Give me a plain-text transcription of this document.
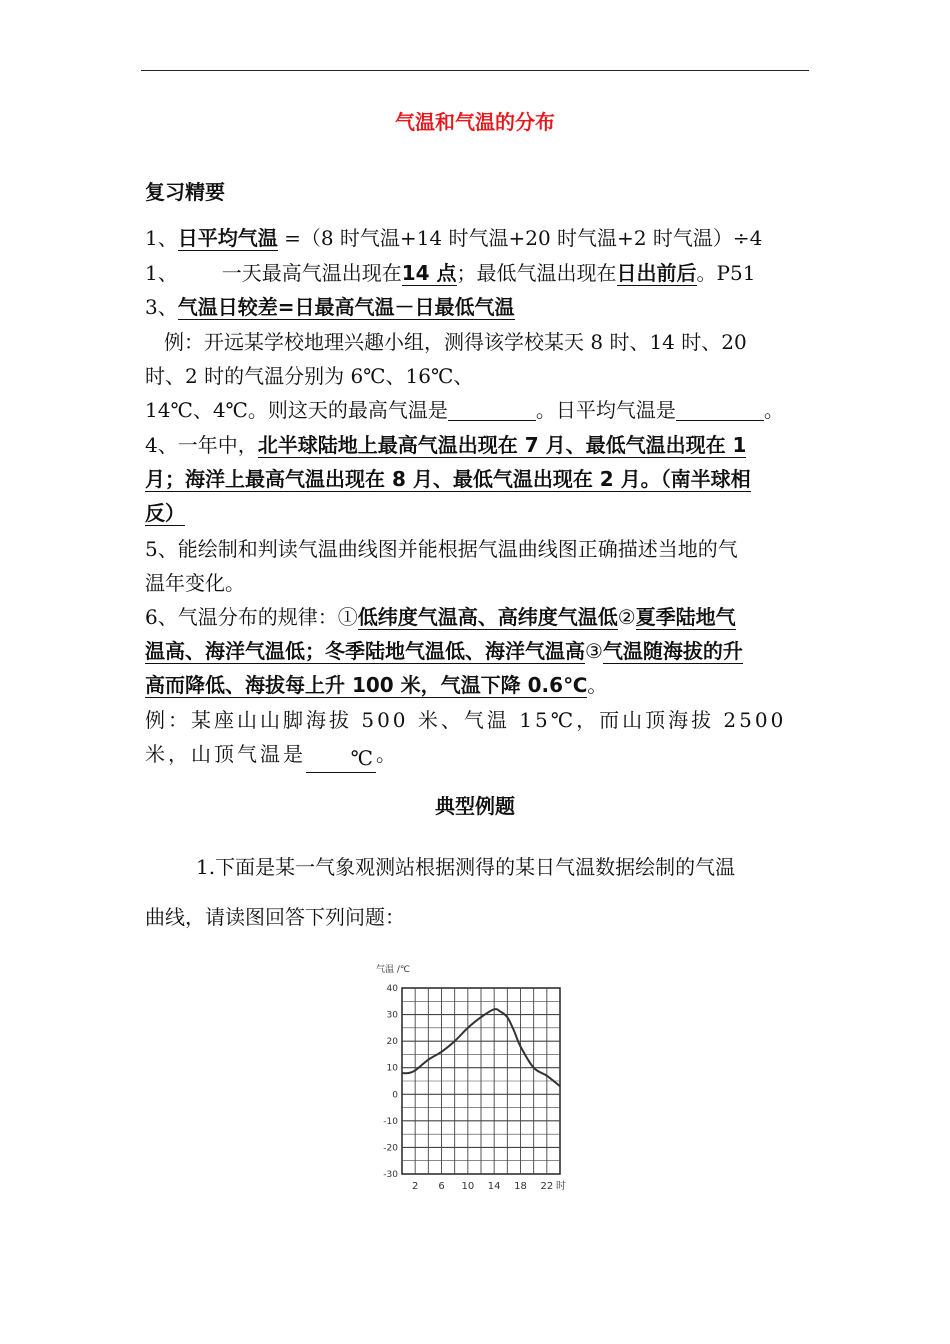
气温和气温的分布
复习精要
1、日平均气温 =（8 时气温+14 时气温+20 时气温+2 时气温）÷4
1、 一天最高气温出现在14 点；最低气温出现在日出前后。P51
3、气温日较差=日最高气温－日最低气温
例：开远某学校地理兴趣小组，测得该学校某天 8 时、14 时、20
时、2 时的气温分别为 6℃、16℃、
14℃、4℃。则这天的最高气温是	。日平均气温是	。
4、一年中，北半球陆地上最高气温出现在 7 月、最低气温出现在 1
月；海洋上最高气温出现在 8 月、最低气温出现在 2 月。（南半球相
反）
5、能绘制和判读气温曲线图并能根据气温曲线图正确描述当地的气
温年变化。
6、气温分布的规律：①低纬度气温高、高纬度气温低②夏季陆地气
温高、海洋气温低；冬季陆地气温低、海洋气温高③气温随海拔的升
高而降低、海拔每上升 100 米，气温下降 0.6℃。
例：某座山山脚海拔 500 米、气温 15℃，而山顶海拔 2500
米，山顶气温是 ℃。
典型例题
1.下面是某一气象观测站根据测得的某日气温数据绘制的气温
曲线，请读图回答下列问题：
40
30
20
10
0
-10
-20
-30
2 6 10 14 18 22
气温 /℃
时
